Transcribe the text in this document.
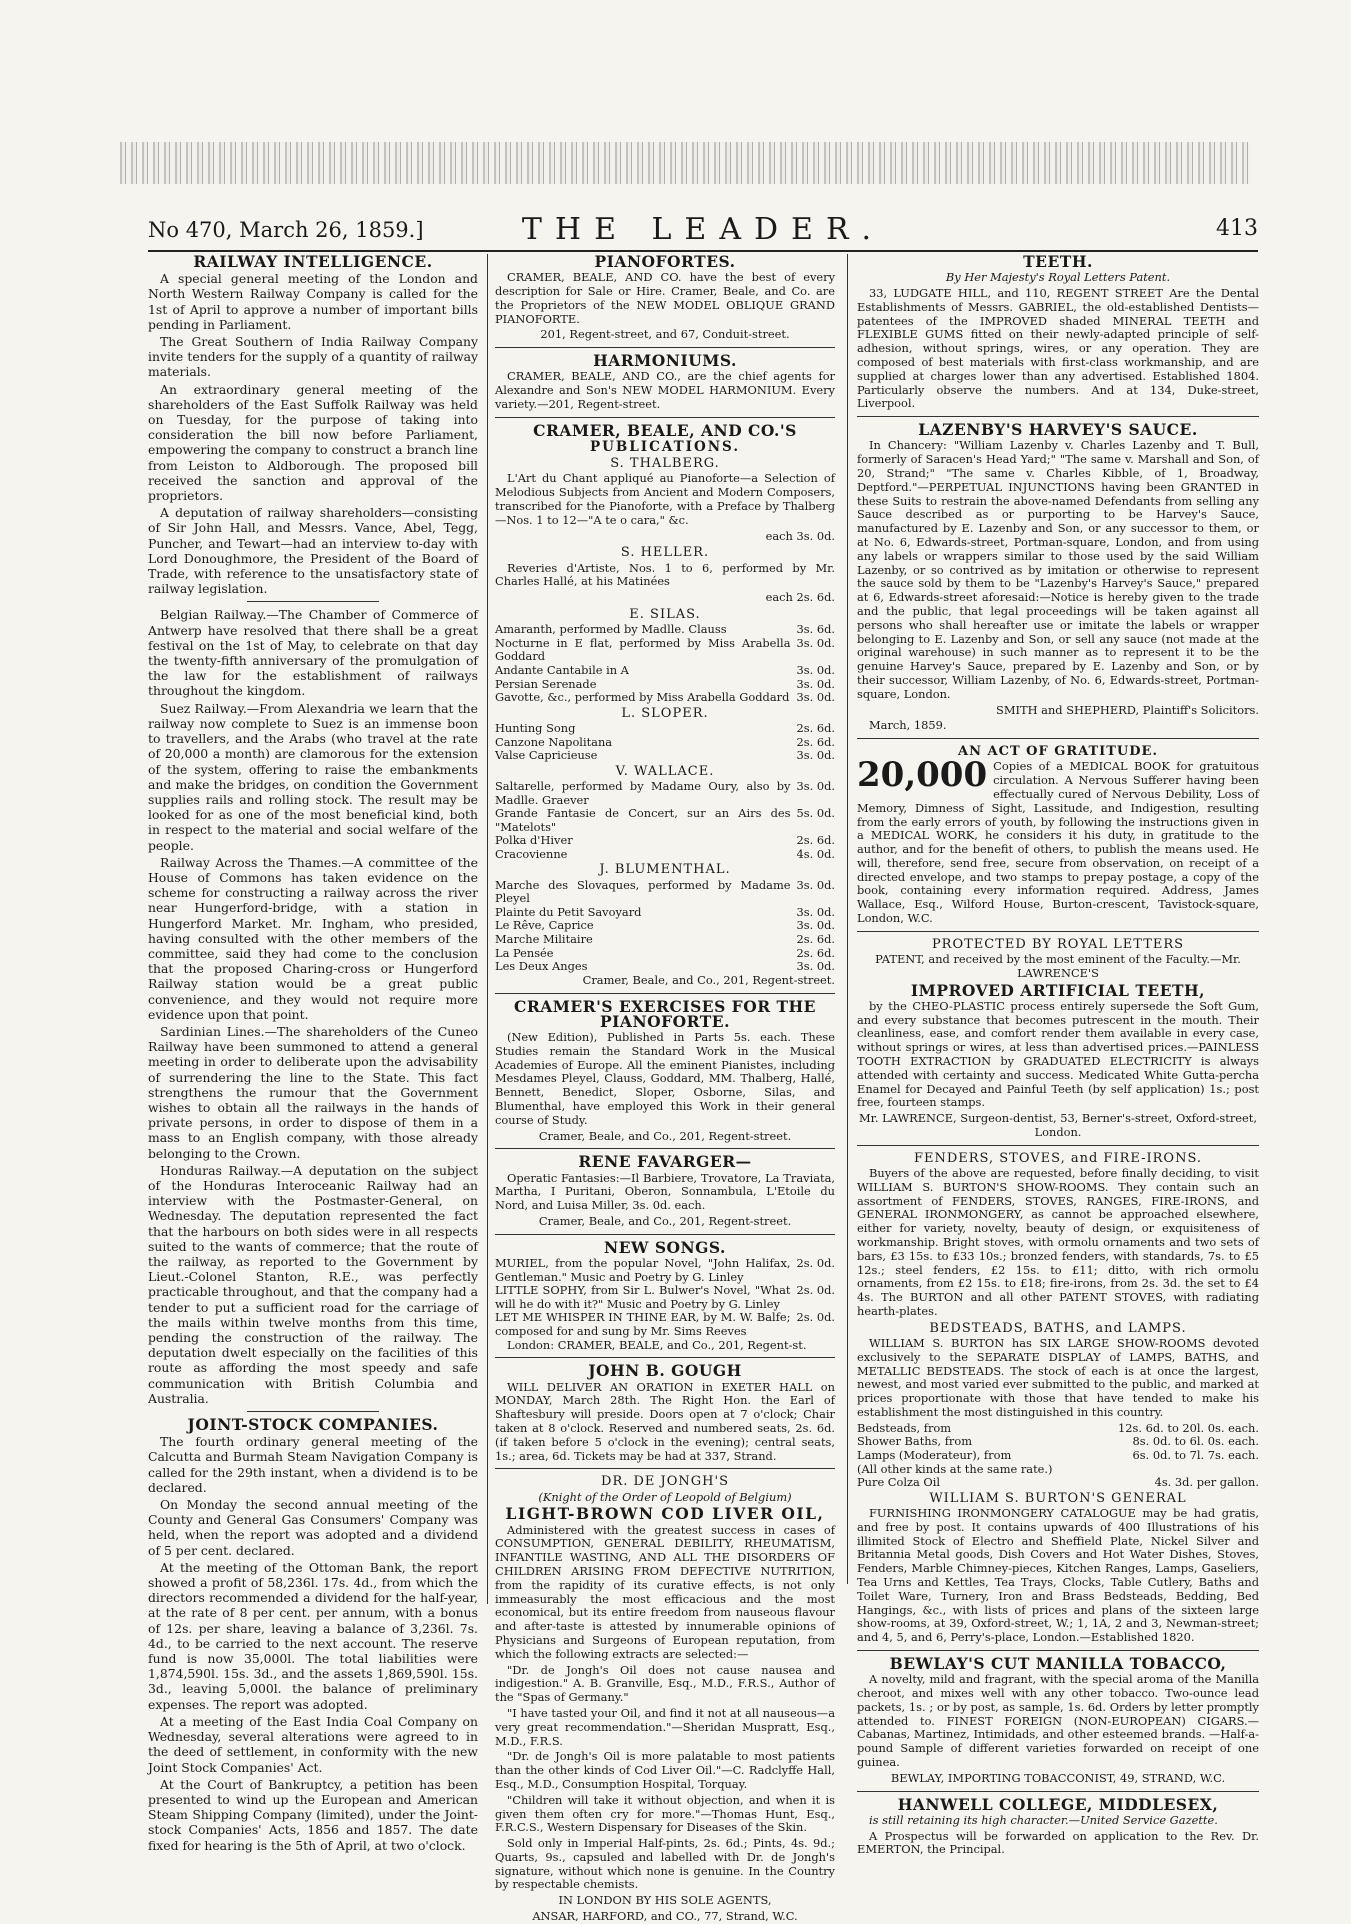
No 470, March 26, 1859.]	THE LEADER.	413
RAILWAY INTELLIGENCE.

A special general meeting of the London and North Western Railway Company is called for the 1st of April to approve a number of important bills pending in Parliament.

The Great Southern of India Railway Company invite tenders for the supply of a quantity of railway materials.

An extraordinary general meeting of the shareholders of the East Suffolk Railway was held on Tuesday, for the purpose of taking into consideration the bill now before Parliament, empowering the company to construct a branch line from Leiston to Aldborough. The proposed bill received the sanction and approval of the proprietors.

A deputation of railway shareholders—consisting of Sir John Hall, and Messrs. Vance, Abel, Tegg, Puncher, and Tewart—had an interview to-day with Lord Donoughmore, the President of the Board of Trade, with reference to the unsatisfactory state of railway legislation.

Belgian Railway.—The Chamber of Commerce of Antwerp have resolved that there shall be a great festival on the 1st of May, to celebrate on that day the twenty-fifth anniversary of the promulgation of the law for the establishment of railways throughout the kingdom.

Suez Railway.—From Alexandria we learn that the railway now complete to Suez is an immense boon to travellers, and the Arabs (who travel at the rate of 20,000 a month) are clamorous for the extension of the system, offering to raise the embankments and make the bridges, on condition the Government supplies rails and rolling stock. The result may be looked for as one of the most beneficial kind, both in respect to the material and social welfare of the people.

Railway Across the Thames.—A committee of the House of Commons has taken evidence on the scheme for constructing a railway across the river near Hungerford-bridge, with a station in Hungerford Market. Mr. Ingham, who presided, having consulted with the other members of the committee, said they had come to the conclusion that the proposed Charing-cross or Hungerford Railway station would be a great public convenience, and they would not require more evidence upon that point.

Sardinian Lines.—The shareholders of the Cuneo Railway have been summoned to attend a general meeting in order to deliberate upon the advisability of surrendering the line to the State. This fact strengthens the rumour that the Government wishes to obtain all the railways in the hands of private persons, in order to dispose of them in a mass to an English company, with those already belonging to the Crown.

Honduras Railway.—A deputation on the subject of the Honduras Interoceanic Railway had an interview with the Postmaster-General, on Wednesday. The deputation represented the fact that the harbours on both sides were in all respects suited to the wants of commerce; that the route of the railway, as reported to the Government by Lieut.-Colonel Stanton, R.E., was perfectly practicable throughout, and that the company had a tender to put a sufficient road for the carriage of the mails within twelve months from this time, pending the construction of the railway. The deputation dwelt especially on the facilities of this route as affording the most speedy and safe communication with British Columbia and Australia.

JOINT-STOCK COMPANIES.

The fourth ordinary general meeting of the Calcutta and Burmah Steam Navigation Company is called for the 29th instant, when a dividend is to be declared.

On Monday the second annual meeting of the County and General Gas Consumers' Company was held, when the report was adopted and a dividend of 5 per cent. declared.

At the meeting of the Ottoman Bank, the report showed a profit of 58,236l. 17s. 4d., from which the directors recommended a dividend for the half-year, at the rate of 8 per cent. per annum, with a bonus of 12s. per share, leaving a balance of 3,236l. 7s. 4d., to be carried to the next account. The reserve fund is now 35,000l. The total liabilities were 1,874,590l. 15s. 3d., and the assets 1,869,590l. 15s. 3d., leaving 5,000l. the balance of preliminary expenses. The report was adopted.

At a meeting of the East India Coal Company on Wednesday, several alterations were agreed to in the deed of settlement, in conformity with the new Joint Stock Companies' Act.

At the Court of Bankruptcy, a petition has been presented to wind up the European and American Steam Shipping Company (limited), under the Joint-stock Companies' Acts, 1856 and 1857. The date fixed for hearing is the 5th of April, at two o'clock.

PIANOFORTES.

CRAMER, BEALE, AND CO. have the best of every description for Sale or Hire. Cramer, Beale, and Co. are the Proprietors of the NEW MODEL OBLIQUE GRAND PIANOFORTE.

201, Regent-street, and 67, Conduit-street.

HARMONIUMS.

CRAMER, BEALE, AND CO., are the chief agents for Alexandre and Son's NEW MODEL HARMONIUM. Every variety.—201, Regent-street.

CRAMER, BEALE, AND CO.'S
PUBLICATIONS.
S. THALBERG.

L'Art du Chant appliqué au Pianoforte—a Selection of Melodious Subjects from Ancient and Modern Composers, transcribed for the Pianoforte, with a Preface by Thalberg—Nos. 1 to 12—"A te o cara," &c.

each 3s. 0d.

S. HELLER.

Reveries d'Artiste, Nos. 1 to 6, performed by Mr. Charles Hallé, at his Matinées

each 2s. 6d.

E. SILAS.
Amaranth, performed by Madlle. Clauss	3s. 6d.
Nocturne in E flat, performed by Miss Arabella Goddard
3s. 0d.
Andante Cantabile in A	3s. 0d.
Persian Serenade	3s. 0d.
Gavotte, &c., performed by Miss Arabella Goddard 3s. 0d.
L. SLOPER.
Hunting Song	2s. 6d.
Canzone Napolitana	2s. 6d.
Valse Capricieuse	3s. 0d.
V. WALLACE.
Saltarelle, performed by Madame Oury, also by Madlle. Graever
3s. 0d.
Grande Fantasie de Concert, sur an Airs des "Matelots"
5s. 0d.
Polka d'Hiver	2s. 6d.
Cracovienne	4s. 0d.
J. BLUMENTHAL.
Marche des Slovaques, performed by Madame Pleyel
3s. 0d.
Plainte du Petit Savoyard	3s. 0d.
Le Rêve, Caprice	3s. 0d.
Marche Militaire	2s. 6d.
La Pensée	2s. 6d.
Les Deux Anges	3s. 0d.

Cramer, Beale, and Co., 201, Regent-street.

CRAMER'S EXERCISES FOR THE PIANOFORTE.

(New Edition), Published in Parts 5s. each. These Studies remain the Standard Work in the Musical Academies of Europe. All the eminent Pianistes, including Mesdames Pleyel, Clauss, Goddard, MM. Thalberg, Hallé, Bennett, Benedict, Sloper, Osborne, Silas, and Blumenthal, have employed this Work in their general course of Study.

Cramer, Beale, and Co., 201, Regent-street.

RENE FAVARGER—

Operatic Fantasies:—Il Barbiere, Trovatore, La Traviata, Martha, I Puritani, Oberon, Sonnambula, L'Etoile du Nord, and Luisa Miller, 3s. 0d. each.

Cramer, Beale, and Co., 201, Regent-street.

NEW SONGS.
MURIEL, from the popular Novel, "John Halifax, Gentleman." Music and Poetry by G. Linley
2s. 0d.
LITTLE SOPHY, from Sir L. Bulwer's Novel, "What will he do with it?" Music and Poetry by G. Linley
2s. 0d.
LET ME WHISPER IN THINE EAR, by M. W. Balfe; composed for and sung by Mr. Sims Reeves
2s. 0d.

London: CRAMER, BEALE, and Co., 201, Regent-st.

JOHN B. GOUGH

WILL DELIVER AN ORATION in EXETER HALL on MONDAY, March 28th. The Right Hon. the Earl of Shaftesbury will preside. Doors open at 7 o'clock; Chair taken at 8 o'clock. Reserved and numbered seats, 2s. 6d. (if taken before 5 o'clock in the evening); central seats, 1s.; area, 6d. Tickets may be had at 337, Strand.

DR. DE JONGH'S

(Knight of the Order of Leopold of Belgium)

LIGHT-BROWN COD LIVER OIL,

Administered with the greatest success in cases of CONSUMPTION, GENERAL DEBILITY, RHEUMATISM, INFANTILE WASTING, AND ALL THE DISORDERS OF CHILDREN ARISING FROM DEFECTIVE NUTRITION, from the rapidity of its curative effects, is not only immeasurably the most efficacious and the most economical, but its entire freedom from nauseous flavour and after-taste is attested by innumerable opinions of Physicians and Surgeons of European reputation, from which the following extracts are selected:—

"Dr. de Jongh's Oil does not cause nausea and indigestion." A. B. Granville, Esq., M.D., F.R.S., Author of the "Spas of Germany."

"I have tasted your Oil, and find it not at all nauseous—a very great recommendation."—Sheridan Muspratt, Esq., M.D., F.R.S.

"Dr. de Jongh's Oil is more palatable to most patients than the other kinds of Cod Liver Oil."—C. Radclyffe Hall, Esq., M.D., Consumption Hospital, Torquay.

"Children will take it without objection, and when it is given them often cry for more."—Thomas Hunt, Esq., F.R.C.S., Western Dispensary for Diseases of the Skin.

Sold only in Imperial Half-pints, 2s. 6d.; Pints, 4s. 9d.; Quarts, 9s., capsuled and labelled with Dr. de Jongh's signature, without which none is genuine. In the Country by respectable chemists.

IN LONDON BY HIS SOLE AGENTS,

ANSAR, HARFORD, and CO., 77, Strand, W.C.

TEETH.

By Her Majesty's Royal Letters Patent.

33, LUDGATE HILL, and 110, REGENT STREET Are the Dental Establishments of Messrs. GABRIEL, the old-established Dentists—patentees of the IMPROVED shaded MINERAL TEETH and FLEXIBLE GUMS fitted on their newly-adapted principle of self-adhesion, without springs, wires, or any operation. They are composed of best materials with first-class workmanship, and are supplied at charges lower than any advertised. Established 1804. Particularly observe the numbers. And at 134, Duke-street, Liverpool.

LAZENBY'S HARVEY'S SAUCE.

In Chancery: "William Lazenby v. Charles Lazenby and T. Bull, formerly of Saracen's Head Yard;" "The same v. Marshall and Son, of 20, Strand;" "The same v. Charles Kibble, of 1, Broadway, Deptford."—PERPETUAL INJUNCTIONS having been GRANTED in these Suits to restrain the above-named Defendants from selling any Sauce described as or purporting to be Harvey's Sauce, manufactured by E. Lazenby and Son, or any successor to them, or at No. 6, Edwards-street, Portman-square, London, and from using any labels or wrappers similar to those used by the said William Lazenby, or so contrived as by imitation or otherwise to represent the sauce sold by them to be "Lazenby's Harvey's Sauce," prepared at 6, Edwards-street aforesaid:—Notice is hereby given to the trade and the public, that legal proceedings will be taken against all persons who shall hereafter use or imitate the labels or wrapper belonging to E. Lazenby and Son, or sell any sauce (not made at the original warehouse) in such manner as to represent it to be the genuine Harvey's Sauce, prepared by E. Lazenby and Son, or by their successor, William Lazenby, of No. 6, Edwards-street, Portman-square, London.

SMITH and SHEPHERD, Plaintiff's Solicitors.

March, 1859.

AN ACT OF GRATITUDE.

20,000 Copies of a MEDICAL BOOK for gratuitous circulation. A Nervous Sufferer having been effectually cured of Nervous Debility, Loss of Memory, Dimness of Sight, Lassitude, and Indigestion, resulting from the early errors of youth, by following the instructions given in a MEDICAL WORK, he considers it his duty, in gratitude to the author, and for the benefit of others, to publish the means used. He will, therefore, send free, secure from observation, on receipt of a directed envelope, and two stamps to prepay postage, a copy of the book, containing every information required. Address, James Wallace, Esq., Wilford House, Burton-crescent, Tavistock-square, London, W.C.

PROTECTED BY ROYAL LETTERS

PATENT, and received by the most eminent of the Faculty.—Mr. LAWRENCE'S

IMPROVED ARTIFICIAL TEETH,

by the CHEO-PLASTIC process entirely supersede the Soft Gum, and every substance that becomes putrescent in the mouth. Their cleanliness, ease, and comfort render them available in every case, without springs or wires, at less than advertised prices.—PAINLESS TOOTH EXTRACTION by GRADUATED ELECTRICITY is always attended with certainty and success. Medicated White Gutta-percha Enamel for Decayed and Painful Teeth (by self application) 1s.; post free, fourteen stamps.

Mr. LAWRENCE, Surgeon-dentist, 53, Berner's-street, Oxford-street, London.

FENDERS, STOVES, and FIRE-IRONS.

Buyers of the above are requested, before finally deciding, to visit WILLIAM S. BURTON'S SHOW-ROOMS. They contain such an assortment of FENDERS, STOVES, RANGES, FIRE-IRONS, and GENERAL IRONMONGERY, as cannot be approached elsewhere, either for variety, novelty, beauty of design, or exquisiteness of workmanship. Bright stoves, with ormolu ornaments and two sets of bars, £3 15s. to £33 10s.; bronzed fenders, with standards, 7s. to £5 12s.; steel fenders, £2 15s. to £11; ditto, with rich ormolu ornaments, from £2 15s. to £18; fire-irons, from 2s. 3d. the set to £4 4s. The BURTON and all other PATENT STOVES, with radiating hearth-plates.

BEDSTEADS, BATHS, and LAMPS.

WILLIAM S. BURTON has SIX LARGE SHOW-ROOMS devoted exclusively to the SEPARATE DISPLAY of LAMPS, BATHS, and METALLIC BEDSTEADS. The stock of each is at once the largest, newest, and most varied ever submitted to the public, and marked at prices proportionate with those that have tended to make his establishment the most distinguished in this country.

Bedsteads, from	12s. 6d. to 20l. 0s. each.
Shower Baths, from	8s. 0d. to 6l. 0s. each.
Lamps (Moderateur), from	6s. 0d. to 7l. 7s. each.
(All other kinds at the same rate.)
Pure Colza Oil	4s. 3d. per gallon.
WILLIAM S. BURTON'S GENERAL

FURNISHING IRONMONGERY CATALOGUE may be had gratis, and free by post. It contains upwards of 400 Illustrations of his illimited Stock of Electro and Sheffield Plate, Nickel Silver and Britannia Metal goods, Dish Covers and Hot Water Dishes, Stoves, Fenders, Marble Chimney-pieces, Kitchen Ranges, Lamps, Gaseliers, Tea Urns and Kettles, Tea Trays, Clocks, Table Cutlery, Baths and Toilet Ware, Turnery, Iron and Brass Bedsteads, Bedding, Bed Hangings, &c., with lists of prices and plans of the sixteen large show-rooms, at 39, Oxford-street, W.; 1, 1A, 2 and 3, Newman-street; and 4, 5, and 6, Perry's-place, London.—Established 1820.

BEWLAY'S CUT MANILLA TOBACCO,

A novelty, mild and fragrant, with the special aroma of the Manilla cheroot, and mixes well with any other tobacco. Two-ounce lead packets, 1s. ; or by post, as sample, 1s. 6d. Orders by letter promptly attended to. FINEST FOREIGN (NON-EUROPEAN) CIGARS.—Cabanas, Martinez, Intimidads, and other esteemed brands. —Half-a-pound Sample of different varieties forwarded on receipt of one guinea.

BEWLAY, IMPORTING TOBACCONIST, 49, STRAND, W.C.

HANWELL COLLEGE, MIDDLESEX,

is still retaining its high character.—United Service Gazette.

A Prospectus will be forwarded on application to the Rev. Dr. EMERTON, the Principal.
